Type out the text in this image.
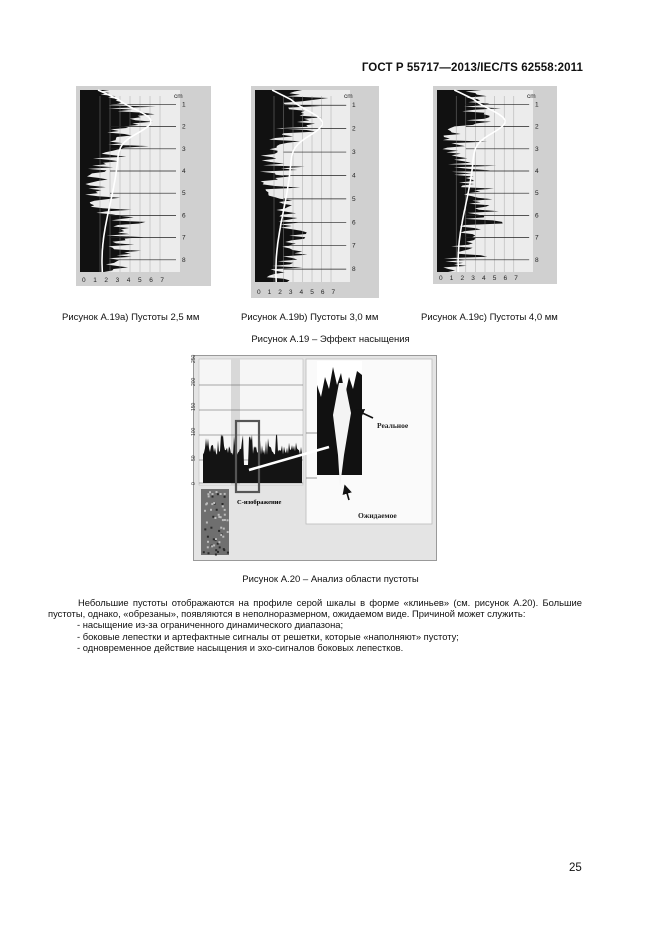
ГОСТ Р 55717—2013/IEC/TS 62558:2011
1
2
3
4
5
6
7
8
cm
0 1 2 3 4 5 6 7
1
2
3
4
5
6
7
8
cm
0 1 2 3 4 5 6 7
1
2
3
4
5
6
7
8
cm
0 1 2 3 4 5 6 7
Рисунок А.19а) Пустоты 2,5 мм	Рисунок А.19b) Пустоты 3,0 мм	Рисунок А.19c) Пустоты 4,0 мм
Рисунок А.19 – Эффект насыщения
250
200
150
100
50
0
С-изображение
Реальное
Ожидаемое
Рисунок А.20 – Анализ области пустоты

Небольшие пустоты отображаются на профиле серой шкалы в форме «клиньев» (см. рисунок А.20). Большие пустоты, однако, «обрезаны», появляются в неполноразмерном, ожидаемом виде. Причиной может служить:

- насыщение из-за ограниченного динамического диапазона;
- боковые лепестки и артефактные сигналы от решетки, которые «наполняют» пустоту;
- одновременное действие насыщения и эхо-сигналов боковых лепестков.
25
